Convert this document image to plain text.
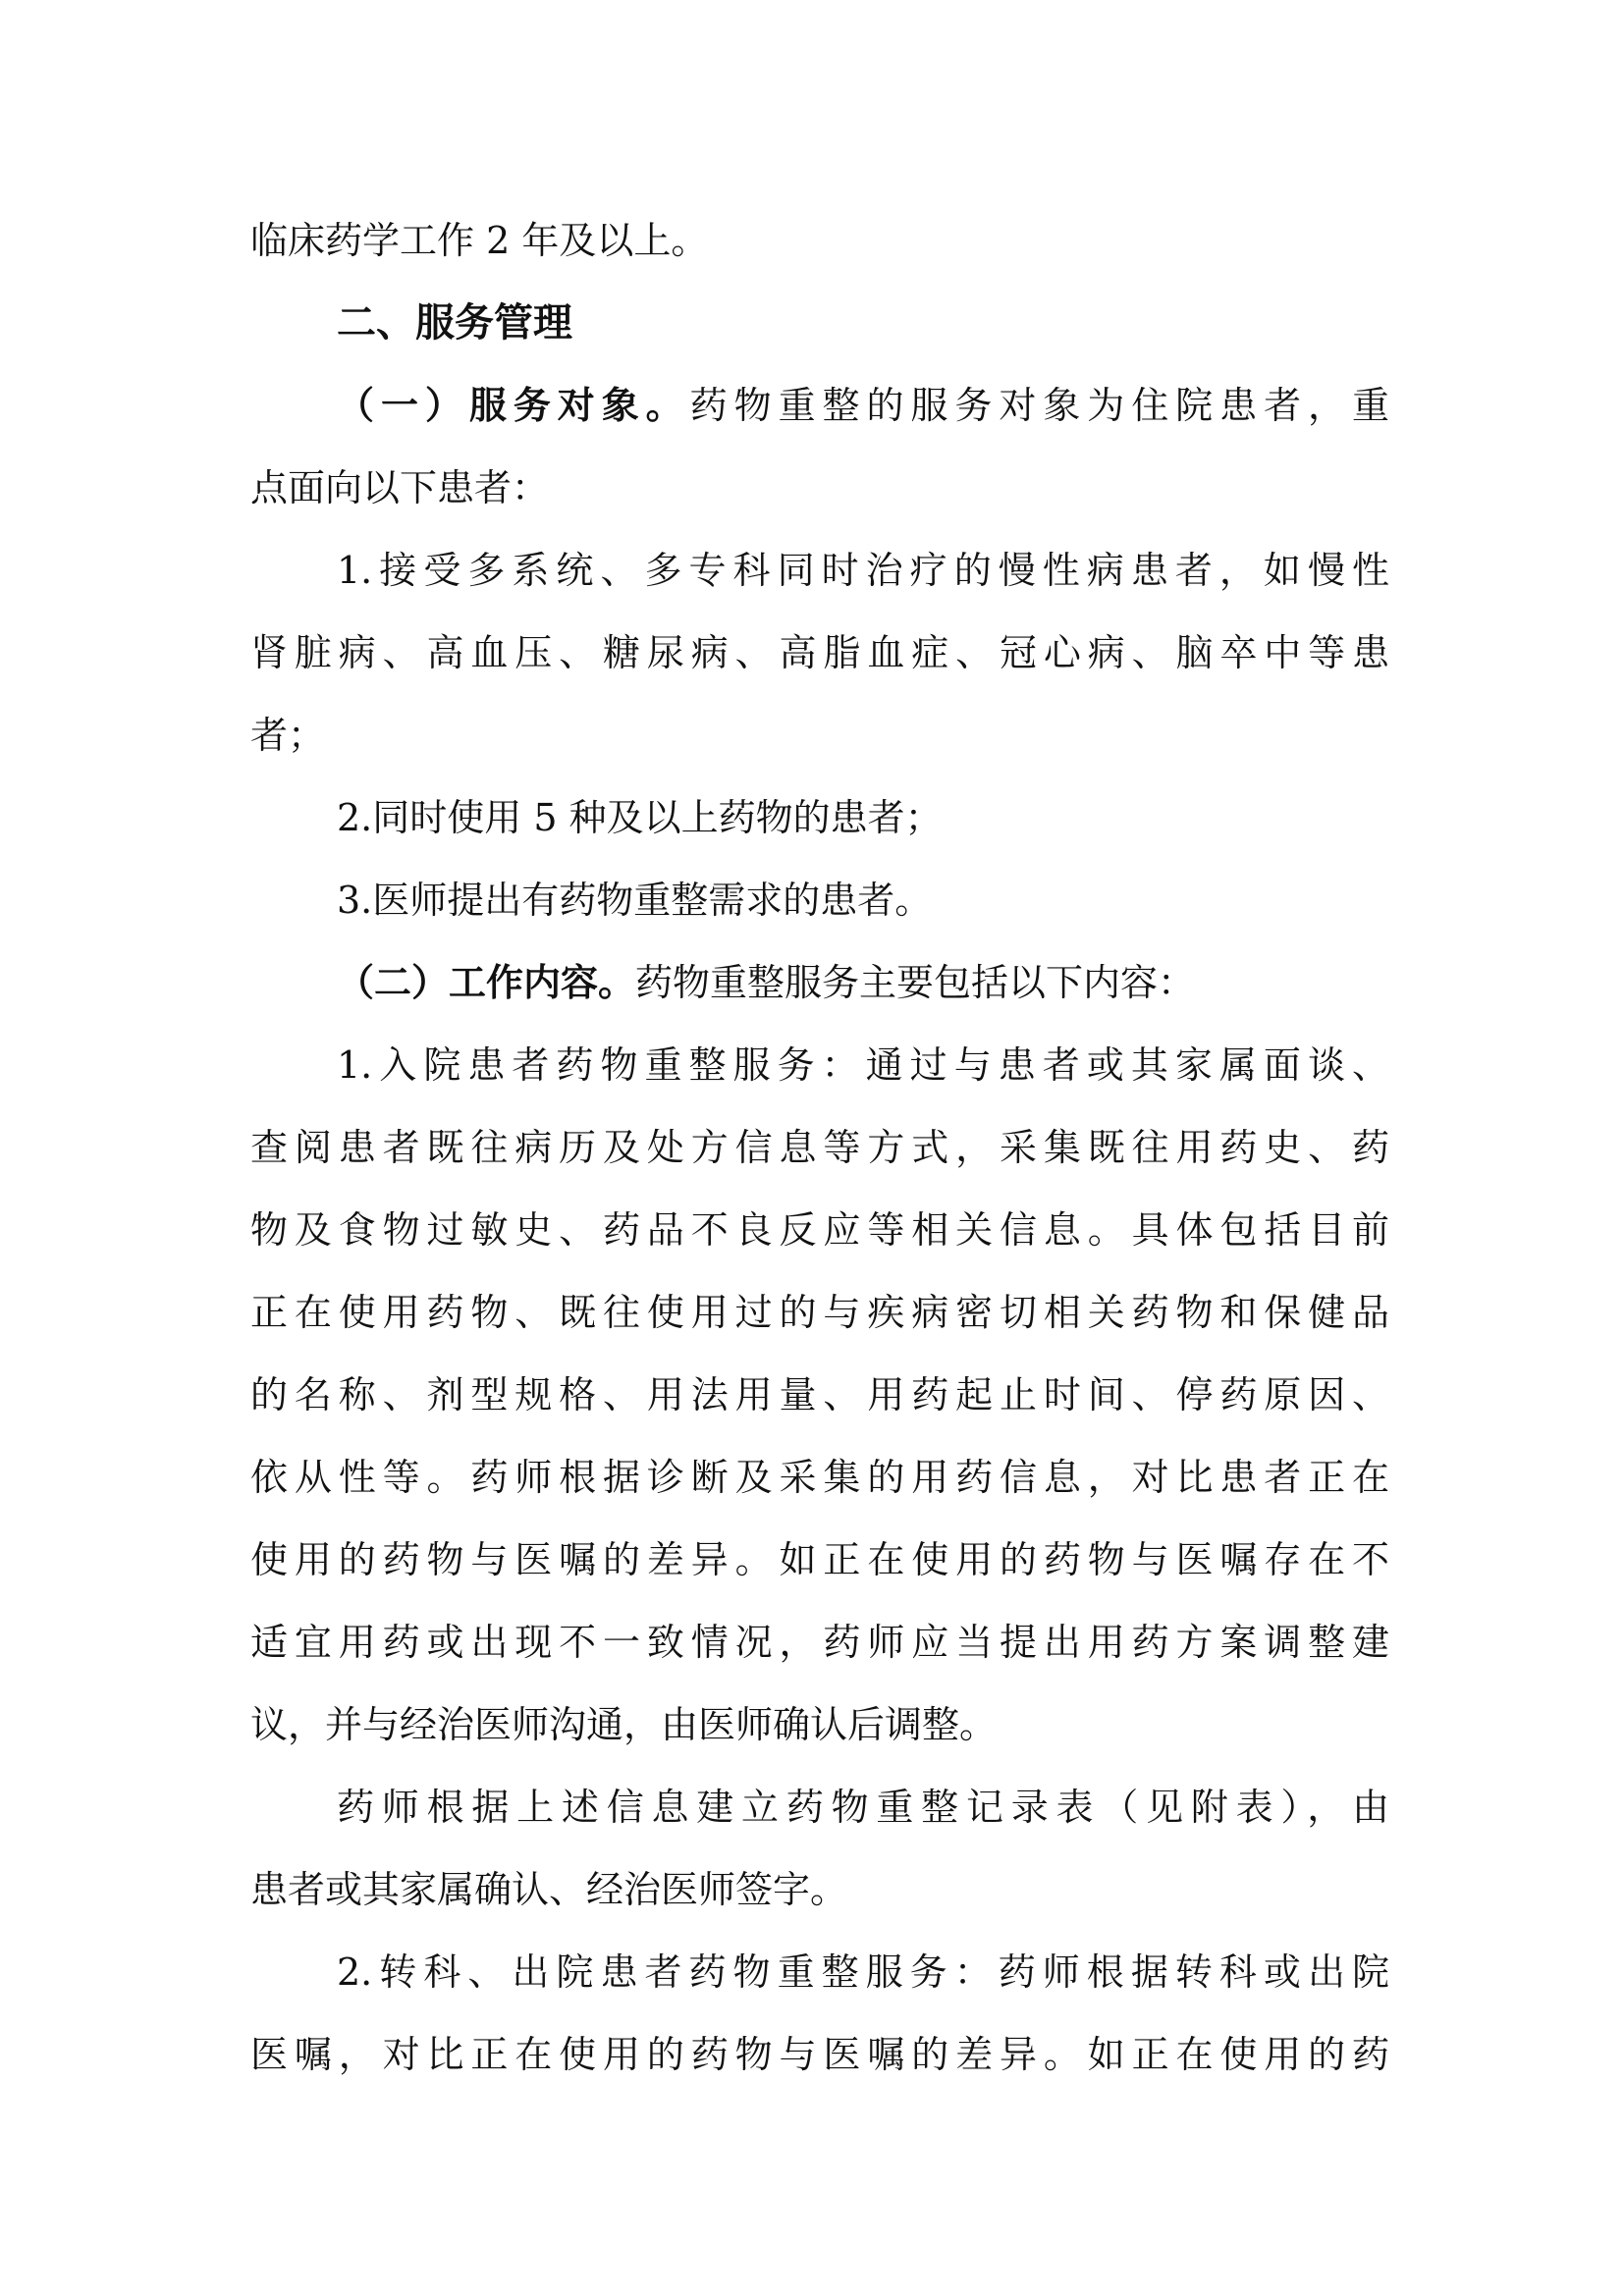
临床药学工作 2 年及以上。
二、服务管理
（一）服务对象。药物重整的服务对象为住院患者，重
点面向以下患者：
1.接受多系统、多专科同时治疗的慢性病患者，如慢性
肾脏病、高血压、糖尿病、高脂血症、冠心病、脑卒中等患
者；
2.同时使用 5 种及以上药物的患者；
3.医师提出有药物重整需求的患者。
（二）工作内容。药物重整服务主要包括以下内容：
1.入院患者药物重整服务：通过与患者或其家属面谈、
查阅患者既往病历及处方信息等方式，采集既往用药史、药
物及食物过敏史、药品不良反应等相关信息。具体包括目前
正在使用药物、既往使用过的与疾病密切相关药物和保健品
的名称、剂型规格、用法用量、用药起止时间、停药原因、
依从性等。药师根据诊断及采集的用药信息，对比患者正在
使用的药物与医嘱的差异。如正在使用的药物与医嘱存在不
适宜用药或出现不一致情况，药师应当提出用药方案调整建
议，并与经治医师沟通，由医师确认后调整。
药师根据上述信息建立药物重整记录表（见附表），由
患者或其家属确认、经治医师签字。
2.转科、出院患者药物重整服务：药师根据转科或出院
医嘱，对比正在使用的药物与医嘱的差异。如正在使用的药
